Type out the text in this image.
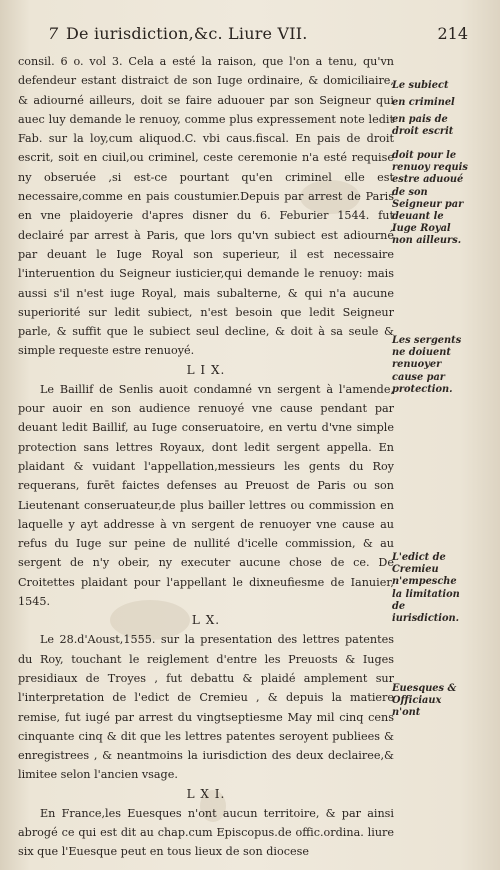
7 De iurisdiction,&c. Liure VII.	214

consil. 6 o. vol 3. Cela a esté la raison, que l'on a tenu, qu'vn defendeur estant distraict de son Iuge ordinaire, & domiciliaire, & adiourné ailleurs, doit se faire aduouer par son Seigneur qui auec luy demande le renuoy, comme plus expressement note ledit Fab. sur la loy,cum aliquod.C. vbi caus.fiscal. En pais de droit escrit, soit en ciuil,ou criminel, ceste ceremonie n'a esté requise ny obseruée ,si est-ce pourtant qu'en criminel elle est necessaire,comme en pais coustumier.Depuis par arrest de Paris en vne plaidoyerie d'apres disner du 6. Feburier 1544. fut declairé par arrest à Paris, que lors qu'vn subiect est adiourné par deuant le Iuge Royal son superieur, il est necessaire l'interuention du Seigneur iusticier,qui demande le renuoy: mais aussi s'il n'est iuge Royal, mais subalterne, & qui n'a aucune superiorité sur ledit subiect, n'est besoin que ledit Seigneur parle, & suffit que le subiect seul decline, & doit à sa seule & simple requeste estre renuoyé.

L I X.

Le Baillif de Senlis auoit condamné vn sergent à l'amende, pour auoir en son audience renuoyé vne cause pendant par deuant ledit Baillif, au Iuge conseruatoire, en vertu d'vne simple protection sans lettres Royaux, dont ledit sergent appella. En plaidant & vuidant l'appellation,messieurs les gents du Roy requerans, furēt faictes defenses au Preuost de Paris ou son Lieutenant conseruateur,de plus bailler lettres ou commission en laquelle y ayt addresse à vn sergent de renuoyer vne cause au refus du Iuge sur peine de nullité d'icelle commission, & au sergent de n'y obeir, ny executer aucune chose de ce. De Croitettes plaidant pour l'appellant le dixneufiesme de Ianuier, 1545.

L X.

Le 28.d'Aoust,1555. sur la presentation des lettres patentes du Roy, touchant le reiglement d'entre les Preuosts & Iuges presidiaux de Troyes , fut debattu & plaidé amplement sur l'interpretation de l'edict de Cremieu , & depuis la matiere remise, fut iugé par arrest du vingtseptiesme May mil cinq cens cinquante cinq & dit que les lettres patentes seroyent publiees & enregistrees , & neantmoins la iurisdiction des deux declairee,& limitee selon l'ancien vsage.

L X I.

En France,les Euesques n'ont aucun territoire, & par ainsi abrogé ce qui est dit au chap.cum Episcopus.de offic.ordina. liure six que l'Euesque peut en tous lieux de son diocese

Le subiect
en criminel
en pais de droit escrit
doit pour le renuoy requis estre aduoué de son Seigneur par deuant le Iuge Royal non ailleurs.
Les sergents ne doiuent renuoyer cause par protection.
L'edict de Cremieu n'empesche la limitation de iurisdiction.
Euesques & Officiaux n'ont
